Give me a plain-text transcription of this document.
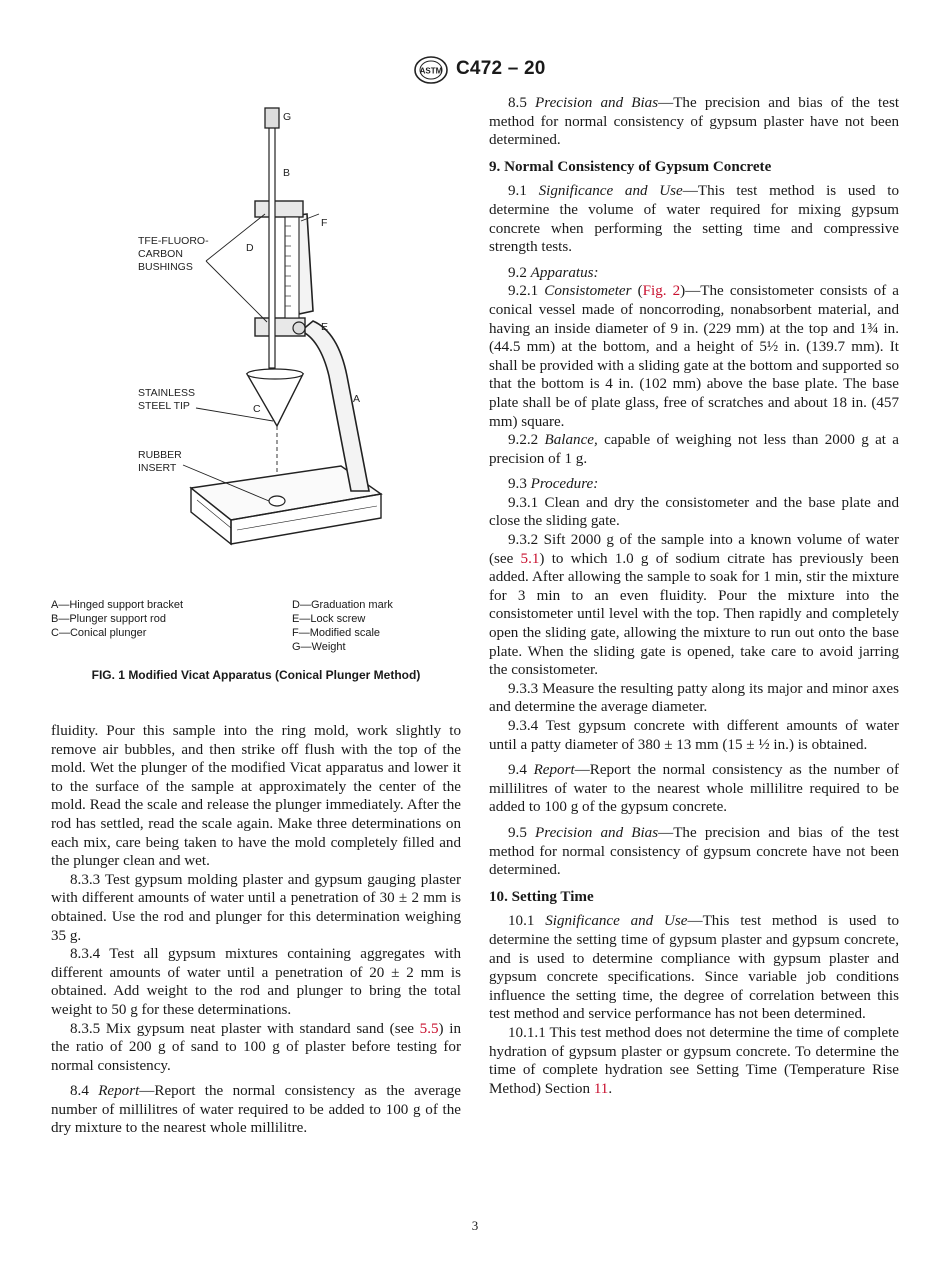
ASTM C472 – 20
G
B
F
D
E
A
C
TFE-FLUORO-
CARBON
BUSHINGS
STAINLESS
STEEL TIP
RUBBER
INSERT
A—Hinged support bracket
B—Plunger support rod
C—Conical plunger
D—Graduation mark
E—Lock screw
F—Modified scale
G—Weight
FIG. 1 Modified Vicat Apparatus (Conical Plunger Method)

fluidity. Pour this sample into the ring mold, work slightly to remove air bubbles, and then strike off flush with the top of the mold. Wet the plunger of the modified Vicat apparatus and lower it to the surface of the sample at approximately the center of the mold. Read the scale and release the plunger immediately. After the rod has settled, read the scale again. Make three determinations on each mix, care being taken to have the mold completely filled and the plunger clean and wet.

8.3.3 Test gypsum molding plaster and gypsum gauging plaster with different amounts of water until a penetration of 30 ± 2 mm is obtained. Use the rod and plunger for this determination weighing 35 g.

8.3.4 Test all gypsum mixtures containing aggregates with different amounts of water until a penetration of 20 ± 2 mm is obtained. Add weight to the rod and plunger to bring the total weight to 50 g for these determinations.

8.3.5 Mix gypsum neat plaster with standard sand (see 5.5) in the ratio of 200 g of sand to 100 g of plaster before testing for normal consistency.

8.4 Report—Report the normal consistency as the average number of millilitres of water required to be added to 100 g of the dry mixture to the nearest whole millilitre.

8.5 Precision and Bias—The precision and bias of the test method for normal consistency of gypsum plaster have not been determined.

9. Normal Consistency of Gypsum Concrete

9.1 Significance and Use—This test method is used to determine the volume of water required for mixing gypsum concrete when performing the setting time and compressive strength tests.

9.2 Apparatus:

9.2.1 Consistometer (Fig. 2)—The consistometer consists of a conical vessel made of noncorroding, nonabsorbent material, and having an inside diameter of 9 in. (229 mm) at the top and 1¾ in. (44.5 mm) at the bottom, and a height of 5½ in. (139.7 mm). It shall be provided with a sliding gate at the bottom and supported so that the bottom is 4 in. (102 mm) above the base plate. The base plate shall be of plate glass, free of scratches and about 18 in. (457 mm) square.

9.2.2 Balance, capable of weighing not less than 2000 g at a precision of 1 g.

9.3 Procedure:

9.3.1 Clean and dry the consistometer and the base plate and close the sliding gate.

9.3.2 Sift 2000 g of the sample into a known volume of water (see 5.1) to which 1.0 g of sodium citrate has previously been added. After allowing the sample to soak for 1 min, stir the mixture for 3 min to an even fluidity. Pour the mixture into the consistometer until level with the top. Then rapidly and completely open the sliding gate, allowing the mixture to run out onto the base plate. When the sliding gate is opened, take care to avoid jarring the consistometer.

9.3.3 Measure the resulting patty along its major and minor axes and determine the average diameter.

9.3.4 Test gypsum concrete with different amounts of water until a patty diameter of 380 ± 13 mm (15 ± ½ in.) is obtained.

9.4 Report—Report the normal consistency as the number of millilitres of water to the nearest whole millilitre required to be added to 100 g of the gypsum concrete.

9.5 Precision and Bias—The precision and bias of the test method for normal consistency of gypsum concrete have not been determined.

10. Setting Time

10.1 Significance and Use—This test method is used to determine the setting time of gypsum plaster and gypsum concrete, and is used to determine compliance with gypsum plaster and gypsum concrete specifications. Since variable job conditions influence the setting time, the degree of correlation between this test method and service performance has not been determined.

10.1.1 This test method does not determine the time of complete hydration of gypsum plaster or gypsum concrete. To determine the time of complete hydration see Setting Time (Temperature Rise Method) Section 11.

3
